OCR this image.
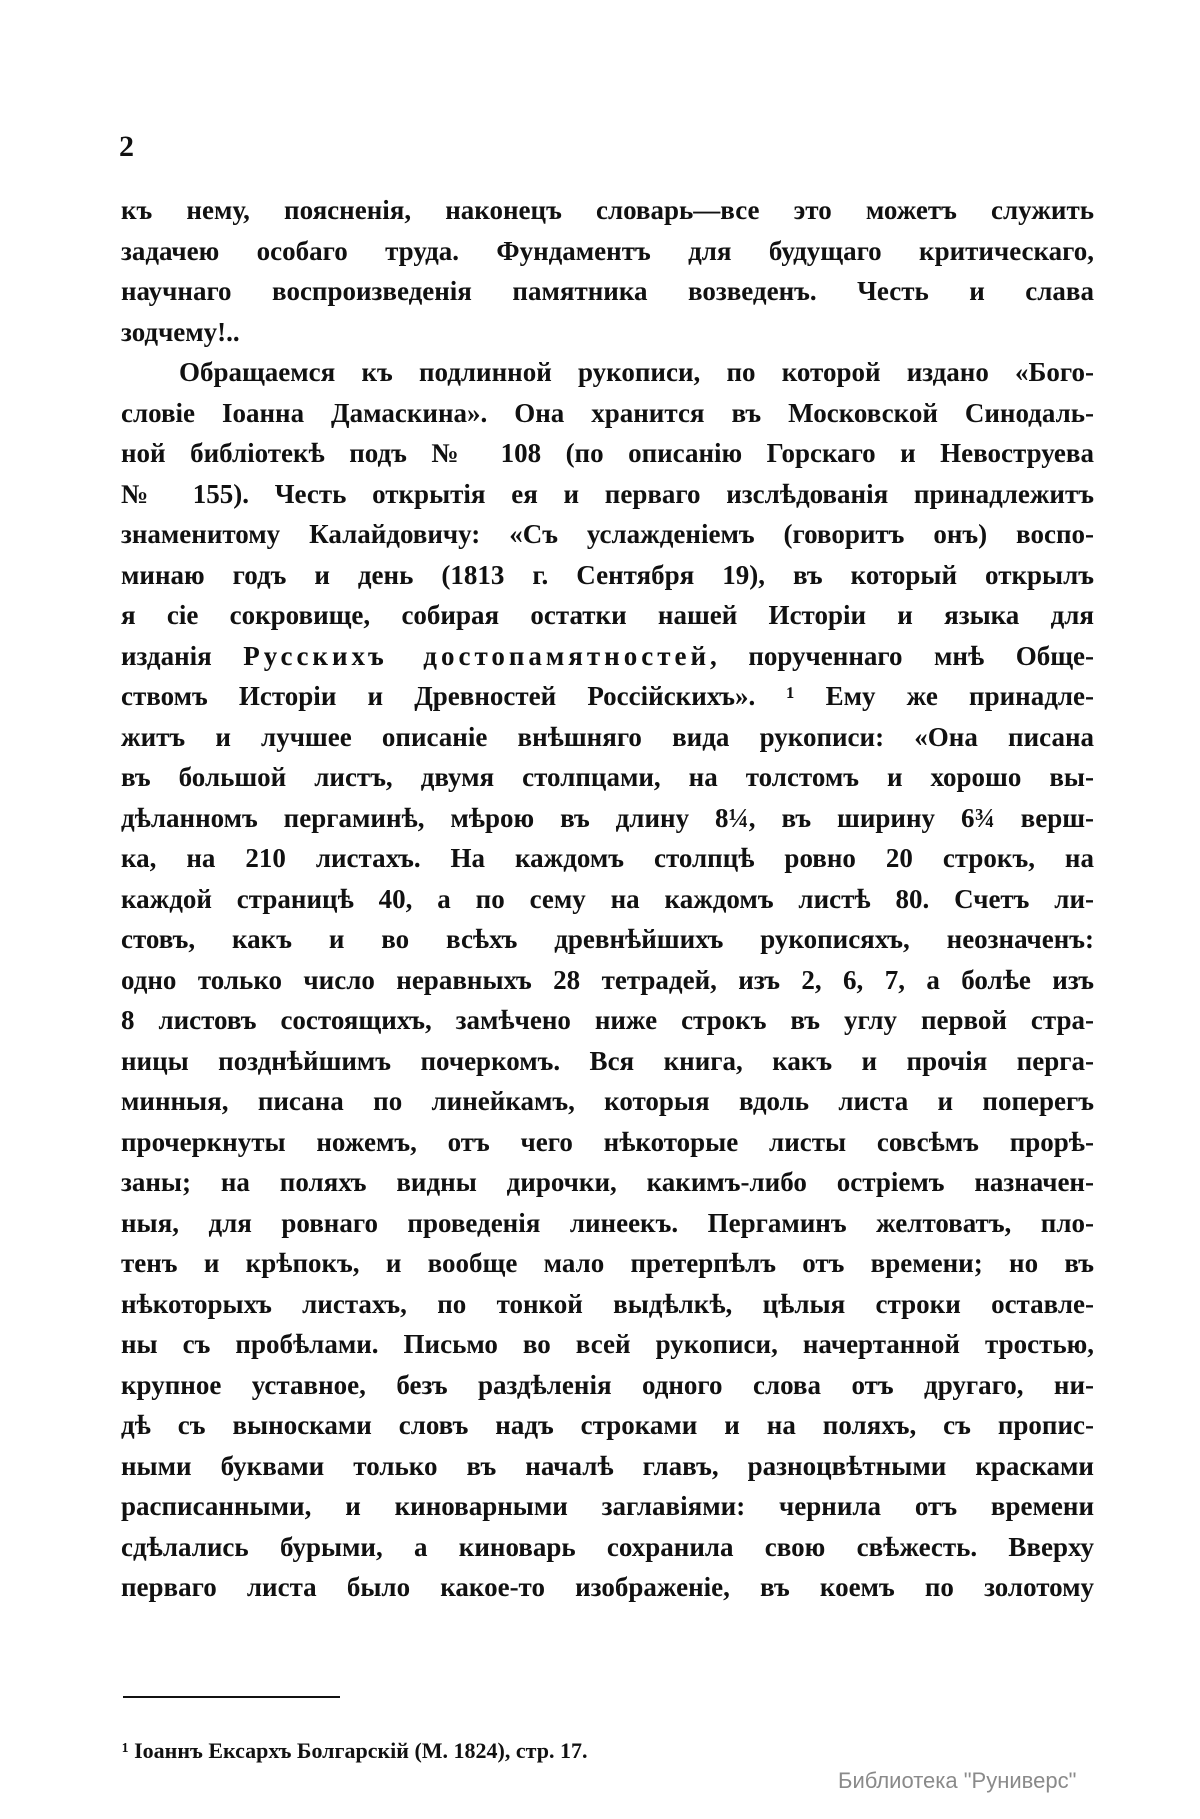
2
къ нему, поясненія, наконецъ словарь—все это можетъ служить
задачею особаго труда. Фундаментъ для будущаго критическаго,
научнаго воспроизведенія памятника возведенъ. Честь и слава
зодчему!..
Обращаемся къ подлинной рукописи, по которой издано «Бого-
словіе Іоанна Дамаскина». Она хранится въ Московской Синодаль-
ной библіотекѣ подъ № 108 (по описанію Горскаго и Невоструева
№ 155). Честь открытія ея и перваго изслѣдованія принадлежитъ
знаменитому Калайдовичу: «Съ услажденіемъ (говоритъ онъ) воспо-
минаю годъ и день (1813 г. Сентября 19), въ который открылъ
я сіе сокровище, собирая остатки нашей Исторіи и языка для
изданія Русскихъ достопамятностей, порученнаго мнѣ Обще-
ствомъ Исторіи и Древностей Россійскихъ». ¹ Ему же принадле-
житъ и лучшее описаніе внѣшняго вида рукописи: «Она писана
въ большой листъ, двумя столпцами, на толстомъ и хорошо вы-
дѣланномъ пергаминѣ, мѣрою въ длину 8¼, въ ширину 6¾ верш-
ка, на 210 листахъ. На каждомъ столпцѣ ровно 20 строкъ, на
каждой страницѣ 40, а по сему на каждомъ листѣ 80. Счетъ ли-
стовъ, какъ и во всѣхъ древнѣйшихъ рукописяхъ, неозначенъ:
одно только число неравныхъ 28 тетрадей, изъ 2, 6, 7, а болѣе изъ
8 листовъ состоящихъ, замѣчено ниже строкъ въ углу первой стра-
ницы позднѣйшимъ почеркомъ. Вся книга, какъ и прочія перга-
минныя, писана по линейкамъ, которыя вдоль листа и поперегъ
прочеркнуты ножемъ, отъ чего нѣкоторые листы совсѣмъ прорѣ-
заны; на поляхъ видны дирочки, какимъ-либо остріемъ назначен-
ныя, для ровнаго проведенія линеекъ. Пергаминъ желтоватъ, пло-
тенъ и крѣпокъ, и вообще мало претерпѣлъ отъ времени; но въ
нѣкоторыхъ листахъ, по тонкой выдѣлкѣ, цѣлыя строки оставле-
ны съ пробѣлами. Письмо во всей рукописи, начертанной тростью,
крупное уставное, безъ раздѣленія одного слова отъ другаго, ни-
дѣ съ выносками словъ надъ строками и на поляхъ, съ пропис-
ными буквами только въ началѣ главъ, разноцвѣтными красками
расписанными, и киноварными заглавіями: чернила отъ времени
сдѣлались бурыми, а киноварь сохранила свою свѣжесть. Вверху
перваго листа было какое-то изображеніе, въ коемъ по золотому
¹ Іоаннъ Ексархъ Болгарскій (М. 1824), стр. 17.
Библиотека "Руниверс"
